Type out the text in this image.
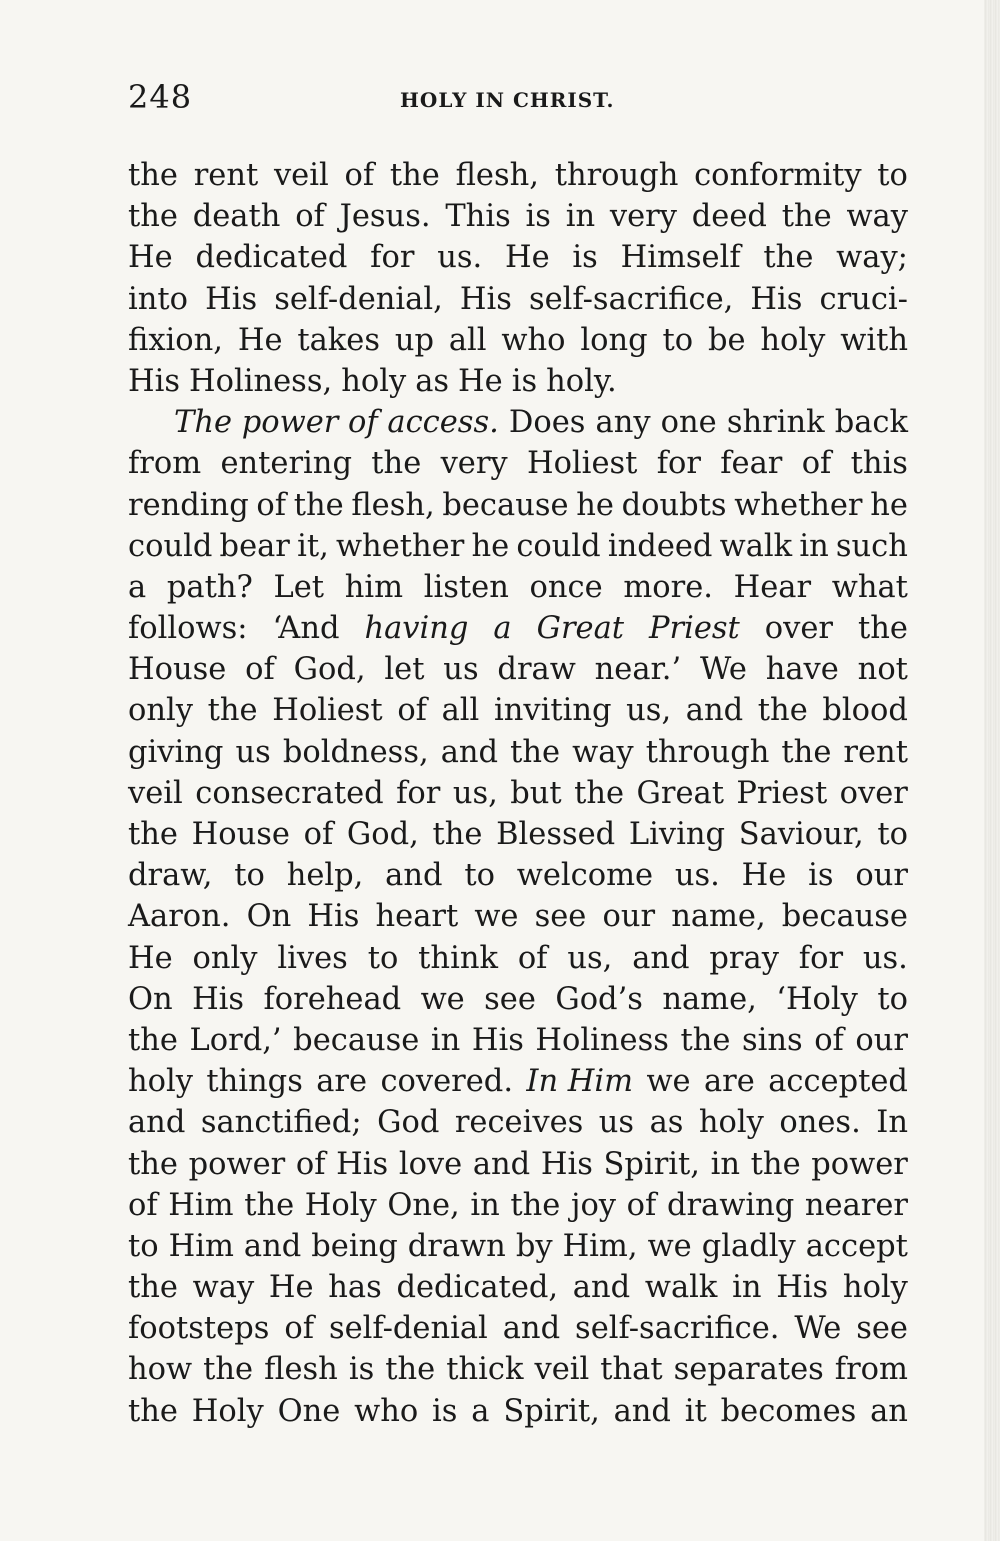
248	HOLY IN CHRIST.
the rent veil of the flesh, through conformity to
the death of Jesus. This is in very deed the way
He dedicated for us. He is Himself the way;
into His self-denial, His self-sacrifice, His cruci-
fixion, He takes up all who long to be holy with
His Holiness, holy as He is holy.
The power of access. Does any one shrink back
from entering the very Holiest for fear of this
rending of the flesh, because he doubts whether he
could bear it, whether he could indeed walk in such
a path? Let him listen once more. Hear what
follows: ‘And having a Great Priest over the
House of God, let us draw near.’ We have not
only the Holiest of all inviting us, and the blood
giving us boldness, and the way through the rent
veil consecrated for us, but the Great Priest over
the House of God, the Blessed Living Saviour, to
draw, to help, and to welcome us. He is our
Aaron. On His heart we see our name, because
He only lives to think of us, and pray for us.
On His forehead we see God’s name, ‘Holy to
the Lord,’ because in His Holiness the sins of our
holy things are covered. In Him we are accepted
and sanctified; God receives us as holy ones. In
the power of His love and His Spirit, in the power
of Him the Holy One, in the joy of drawing nearer
to Him and being drawn by Him, we gladly accept
the way He has dedicated, and walk in His holy
footsteps of self-denial and self-sacrifice. We see
how the flesh is the thick veil that separates from
the Holy One who is a Spirit, and it becomes an
